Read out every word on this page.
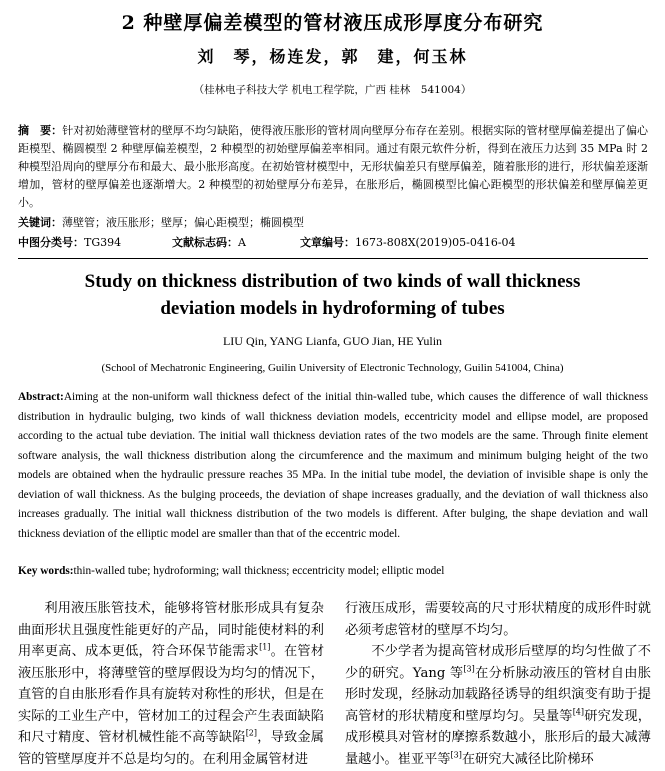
2 种壁厚偏差模型的管材液压成形厚度分布研究
刘　琴，杨连发，郭　建，何玉林
（桂林电子科技大学 机电工程学院，广西 桂林　541004）
摘　要：针对初始薄壁管材的壁厚不均匀缺陷，使得液压胀形的管材周向壁厚分布存在差别。根据实际的管材壁厚偏差提出了偏心距模型、椭圆模型 2 种壁厚偏差模型，2 种模型的初始壁厚偏差率相同。通过有限元软件分析，得到在液压力达到 35 MPa 时 2 种模型沿周向的壁厚分布和最大、最小胀形高度。在初始管材模型中，无形状偏差只有壁厚偏差，随着胀形的进行，形状偏差逐渐增加，管材的壁厚偏差也逐渐增大。2 种模型的初始壁厚分布差异，在胀形后，椭圆模型比偏心距模型的形状偏差和壁厚偏差更小。
关键词：薄壁管；液压胀形；壁厚；偏心距模型；椭圆模型
中图分类号：TG394	文献标志码：A	文章编号：1673-808X(2019)05-0416-04
Study on thickness distribution of two kinds of wall thickness
deviation models in hydroforming of tubes
LIU Qin, YANG Lianfa, GUO Jian, HE Yulin
(School of Mechatronic Engineering, Guilin University of Electronic Technology, Guilin 541004, China)
Abstract:Aiming at the non-uniform wall thickness defect of the initial thin-walled tube, which causes the difference of wall thickness distribution in hydraulic bulging, two kinds of wall thickness deviation models, eccentricity model and ellipse model, are proposed according to the actual tube deviation. The initial wall thickness deviation rates of the two models are the same. Through finite element software analysis, the wall thickness distribution along the circumference and the maximum and minimum bulging height of the two models are obtained when the hydraulic pressure reaches 35 MPa. In the initial tube model, the deviation of invisible shape is only the deviation of wall thickness. As the bulging proceeds, the deviation of shape increases gradually, and the deviation of wall thickness also increases gradually. The initial wall thickness distribution of the two models is different. After bulging, the shape deviation and wall thickness deviation of the elliptic model are smaller than that of the eccentric model.
Key words:thin-walled tube; hydroforming; wall thickness; eccentricity model; elliptic model

利用液压胀管技术，能够将管材胀形成具有复杂曲面形状且强度性能更好的产品，同时能使材料的利用率更高、成本更低，符合环保节能需求[1]。在管材液压胀形中，将薄壁管的壁厚假设为均匀的情况下，直管的自由胀形看作具有旋转对称性的形状，但是在实际的工业生产中，管材加工的过程会产生表面缺陷和尺寸精度、管材机械性能不高等缺陷[2]，导致金属管的管壁厚度并不总是均匀的。在利用金属管材进

行液压成形，需要较高的尺寸形状精度的成形件时就必须考虑管材的壁厚不均匀。

不少学者为提高管材成形后壁厚的均匀性做了不少的研究。Yang 等[3]在分析脉动液压的管材自由胀形时发现，经脉动加载路径诱导的组织演变有助于提高管材的形状精度和壁厚均匀。吴量等[4]研究发现，成形模具对管材的摩擦系数越小，胀形后的最大减薄量越小。崔亚平等[3]在研究大减径比阶梯环
